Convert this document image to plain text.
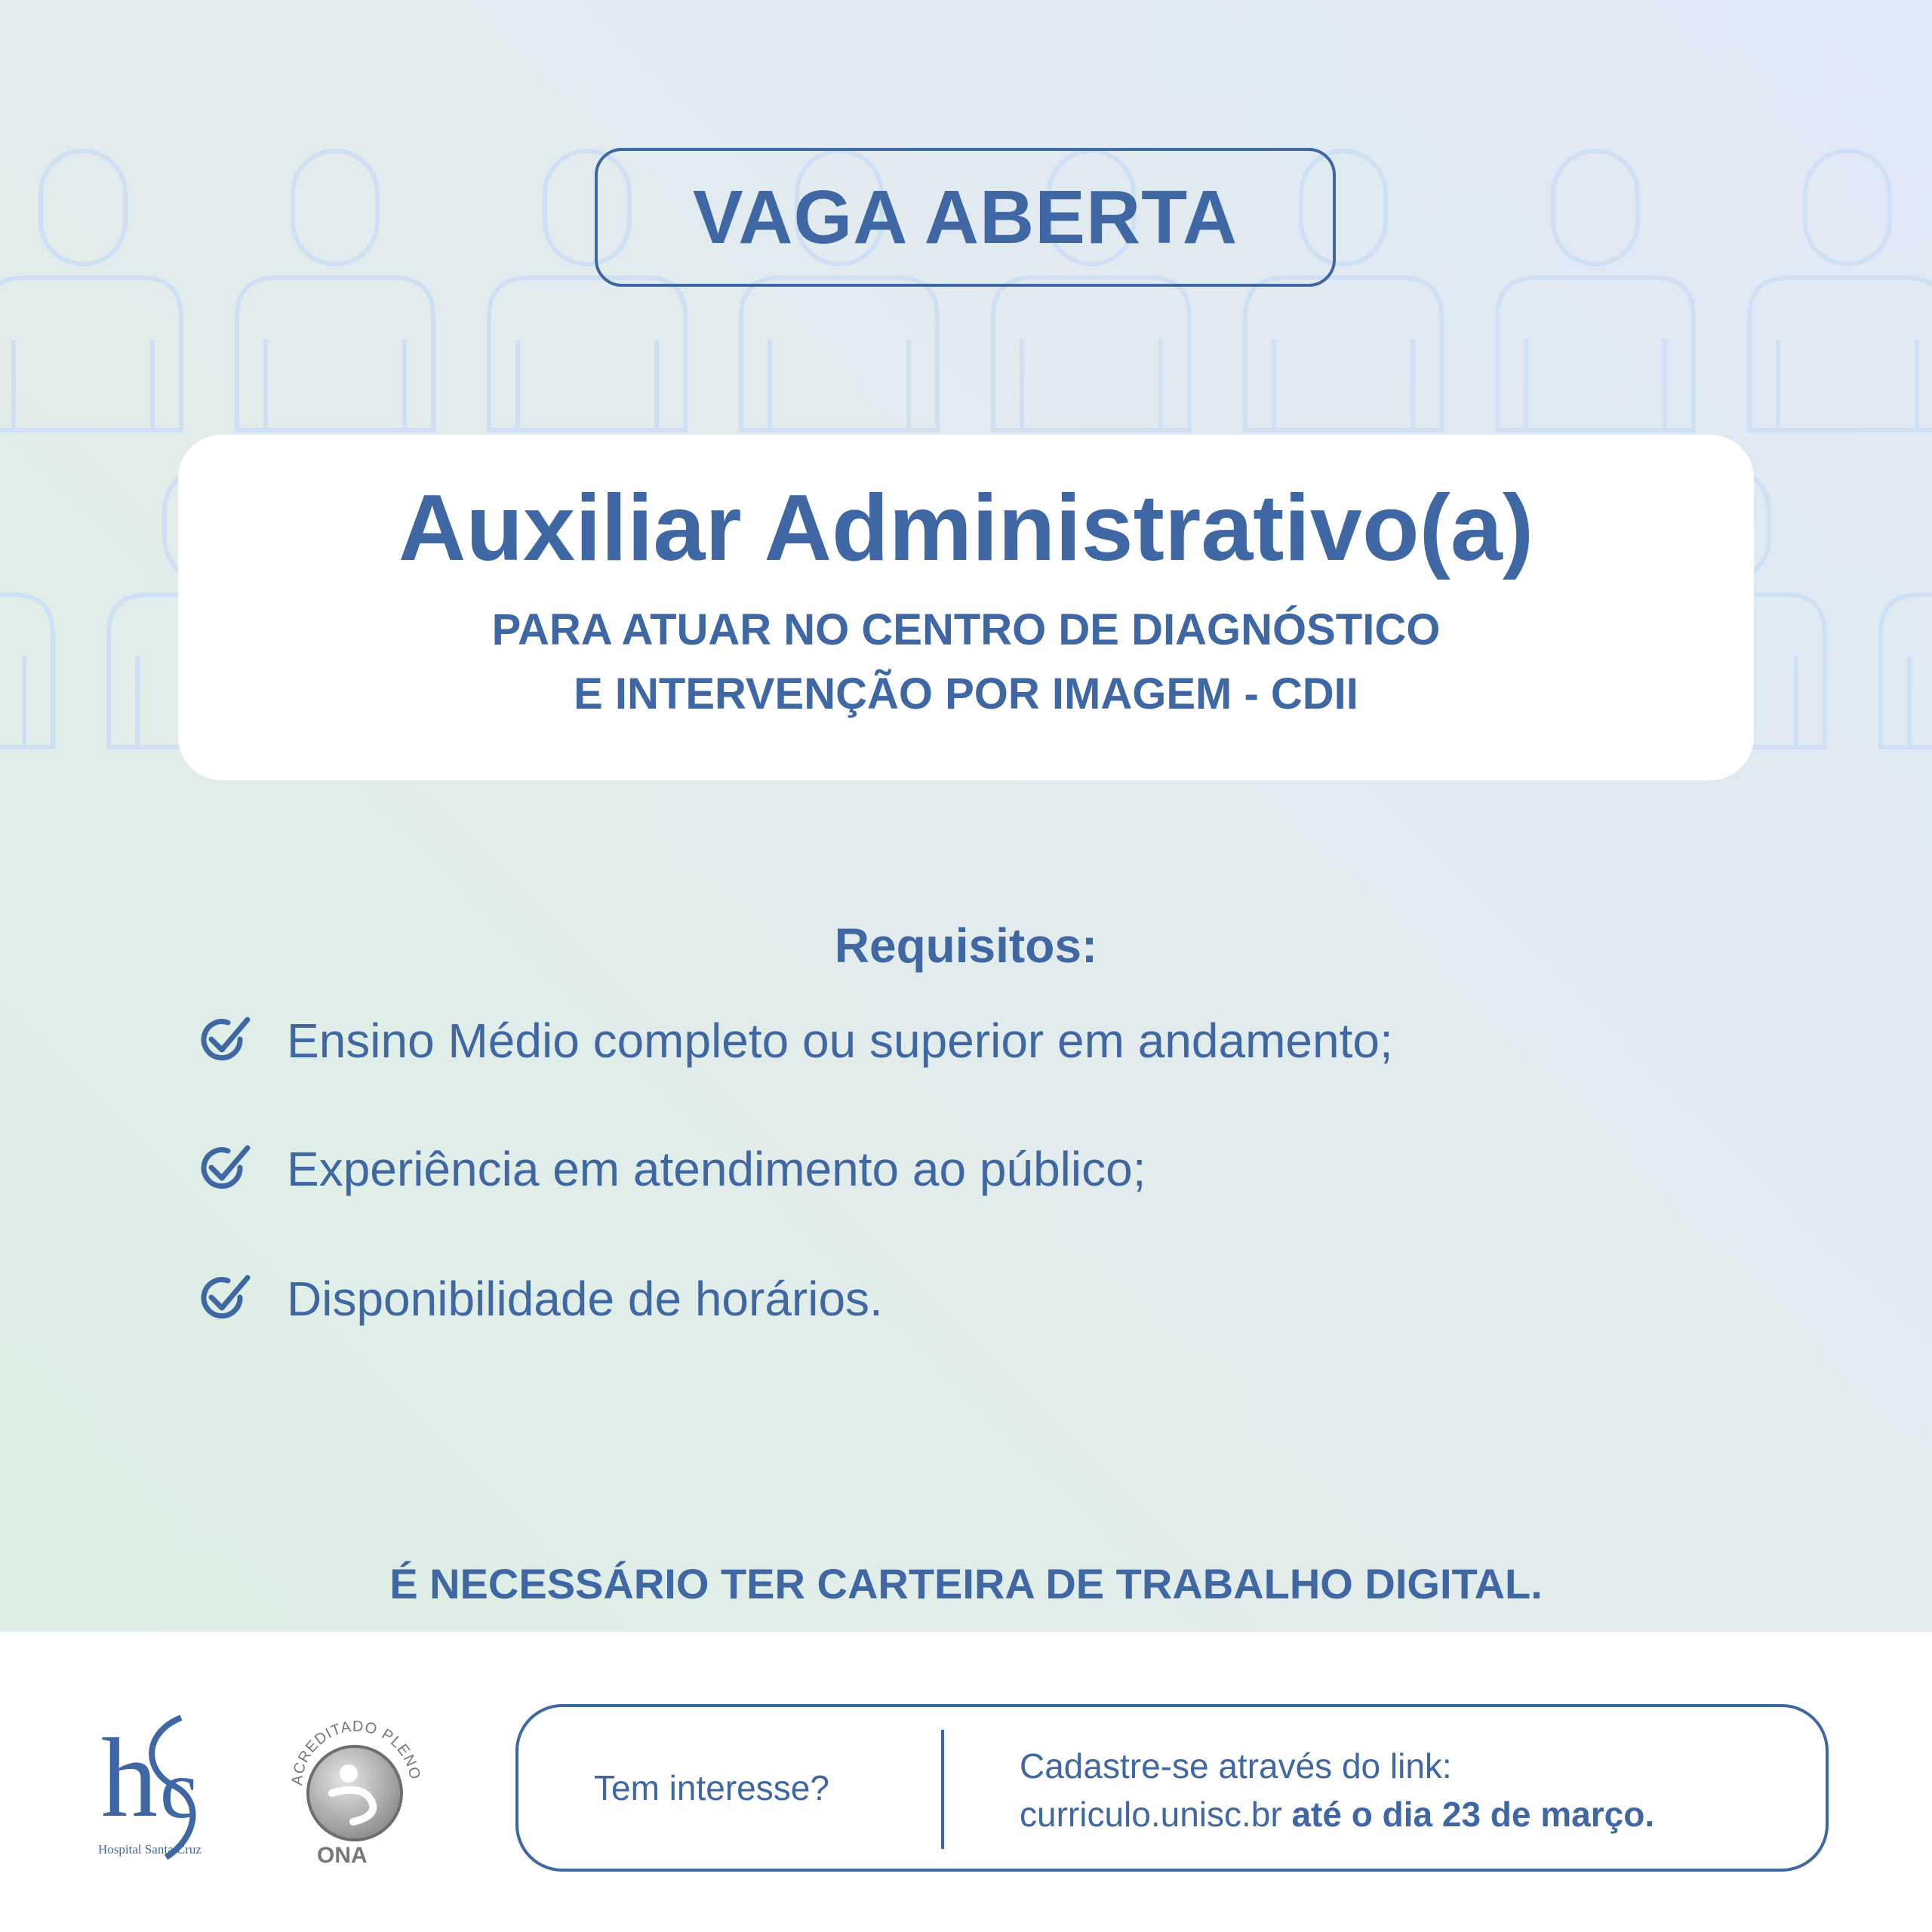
VAGA ABERTA
Auxiliar Administrativo(a)
PARA ATUAR NO CENTRO DE DIAGNÓSTICO
E INTERVENÇÃO POR IMAGEM - CDII
Requisitos:
Ensino Médio completo ou superior em andamento;
Experiência em atendimento ao público;
Disponibilidade de horários.
É NECESSÁRIO TER CARTEIRA DE TRABALHO DIGITAL.
h c
Hospital Santa Cruz
ACREDITADO PLENO
ONA
Tem interesse?
Cadastre-se através do link:
curriculo.unisc.br até o dia 23 de março.
